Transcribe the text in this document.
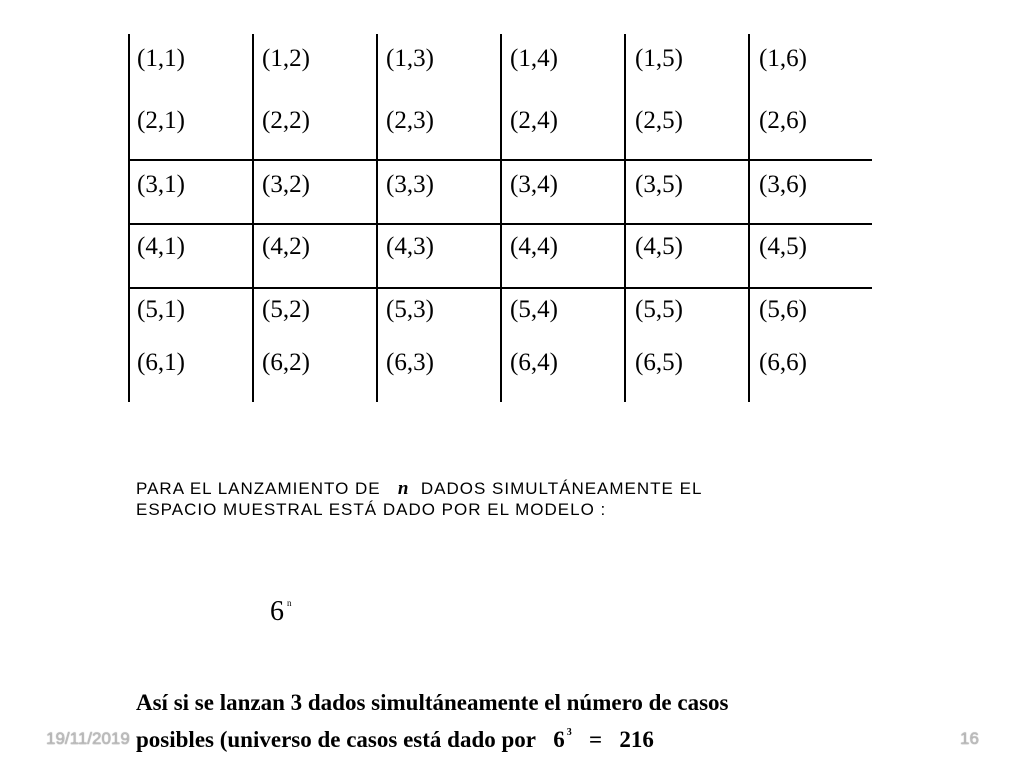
(1,1)	(1,2)	(1,3)	(1,4)	(1,5)	(1,6)
(2,1)	(2,2)	(2,3)	(2,4)	(2,5)	(2,6)
(3,1)	(3,2)	(3,3)	(3,4)	(3,5)	(3,6)
(4,1)	(4,2)	(4,3)	(4,4)	(4,5)	(4,5)
(5,1)	(5,2)	(5,3)	(5,4)	(5,5)	(5,6)
(6,1)	(6,2)	(6,3)	(6,4)	(6,5)	(6,6)
PARA EL LANZAMIENTO DE n DADOS SIMULTÁNEAMENTE EL
ESPACIO MUESTRAL ESTÁ DADO POR EL MODELO :
6 $^n$
Así si se lanzan 3 dados simultáneamente el número de casos
posibles (universo de casos está dado por 6 $^3$ = 216
19/11/2019	16
